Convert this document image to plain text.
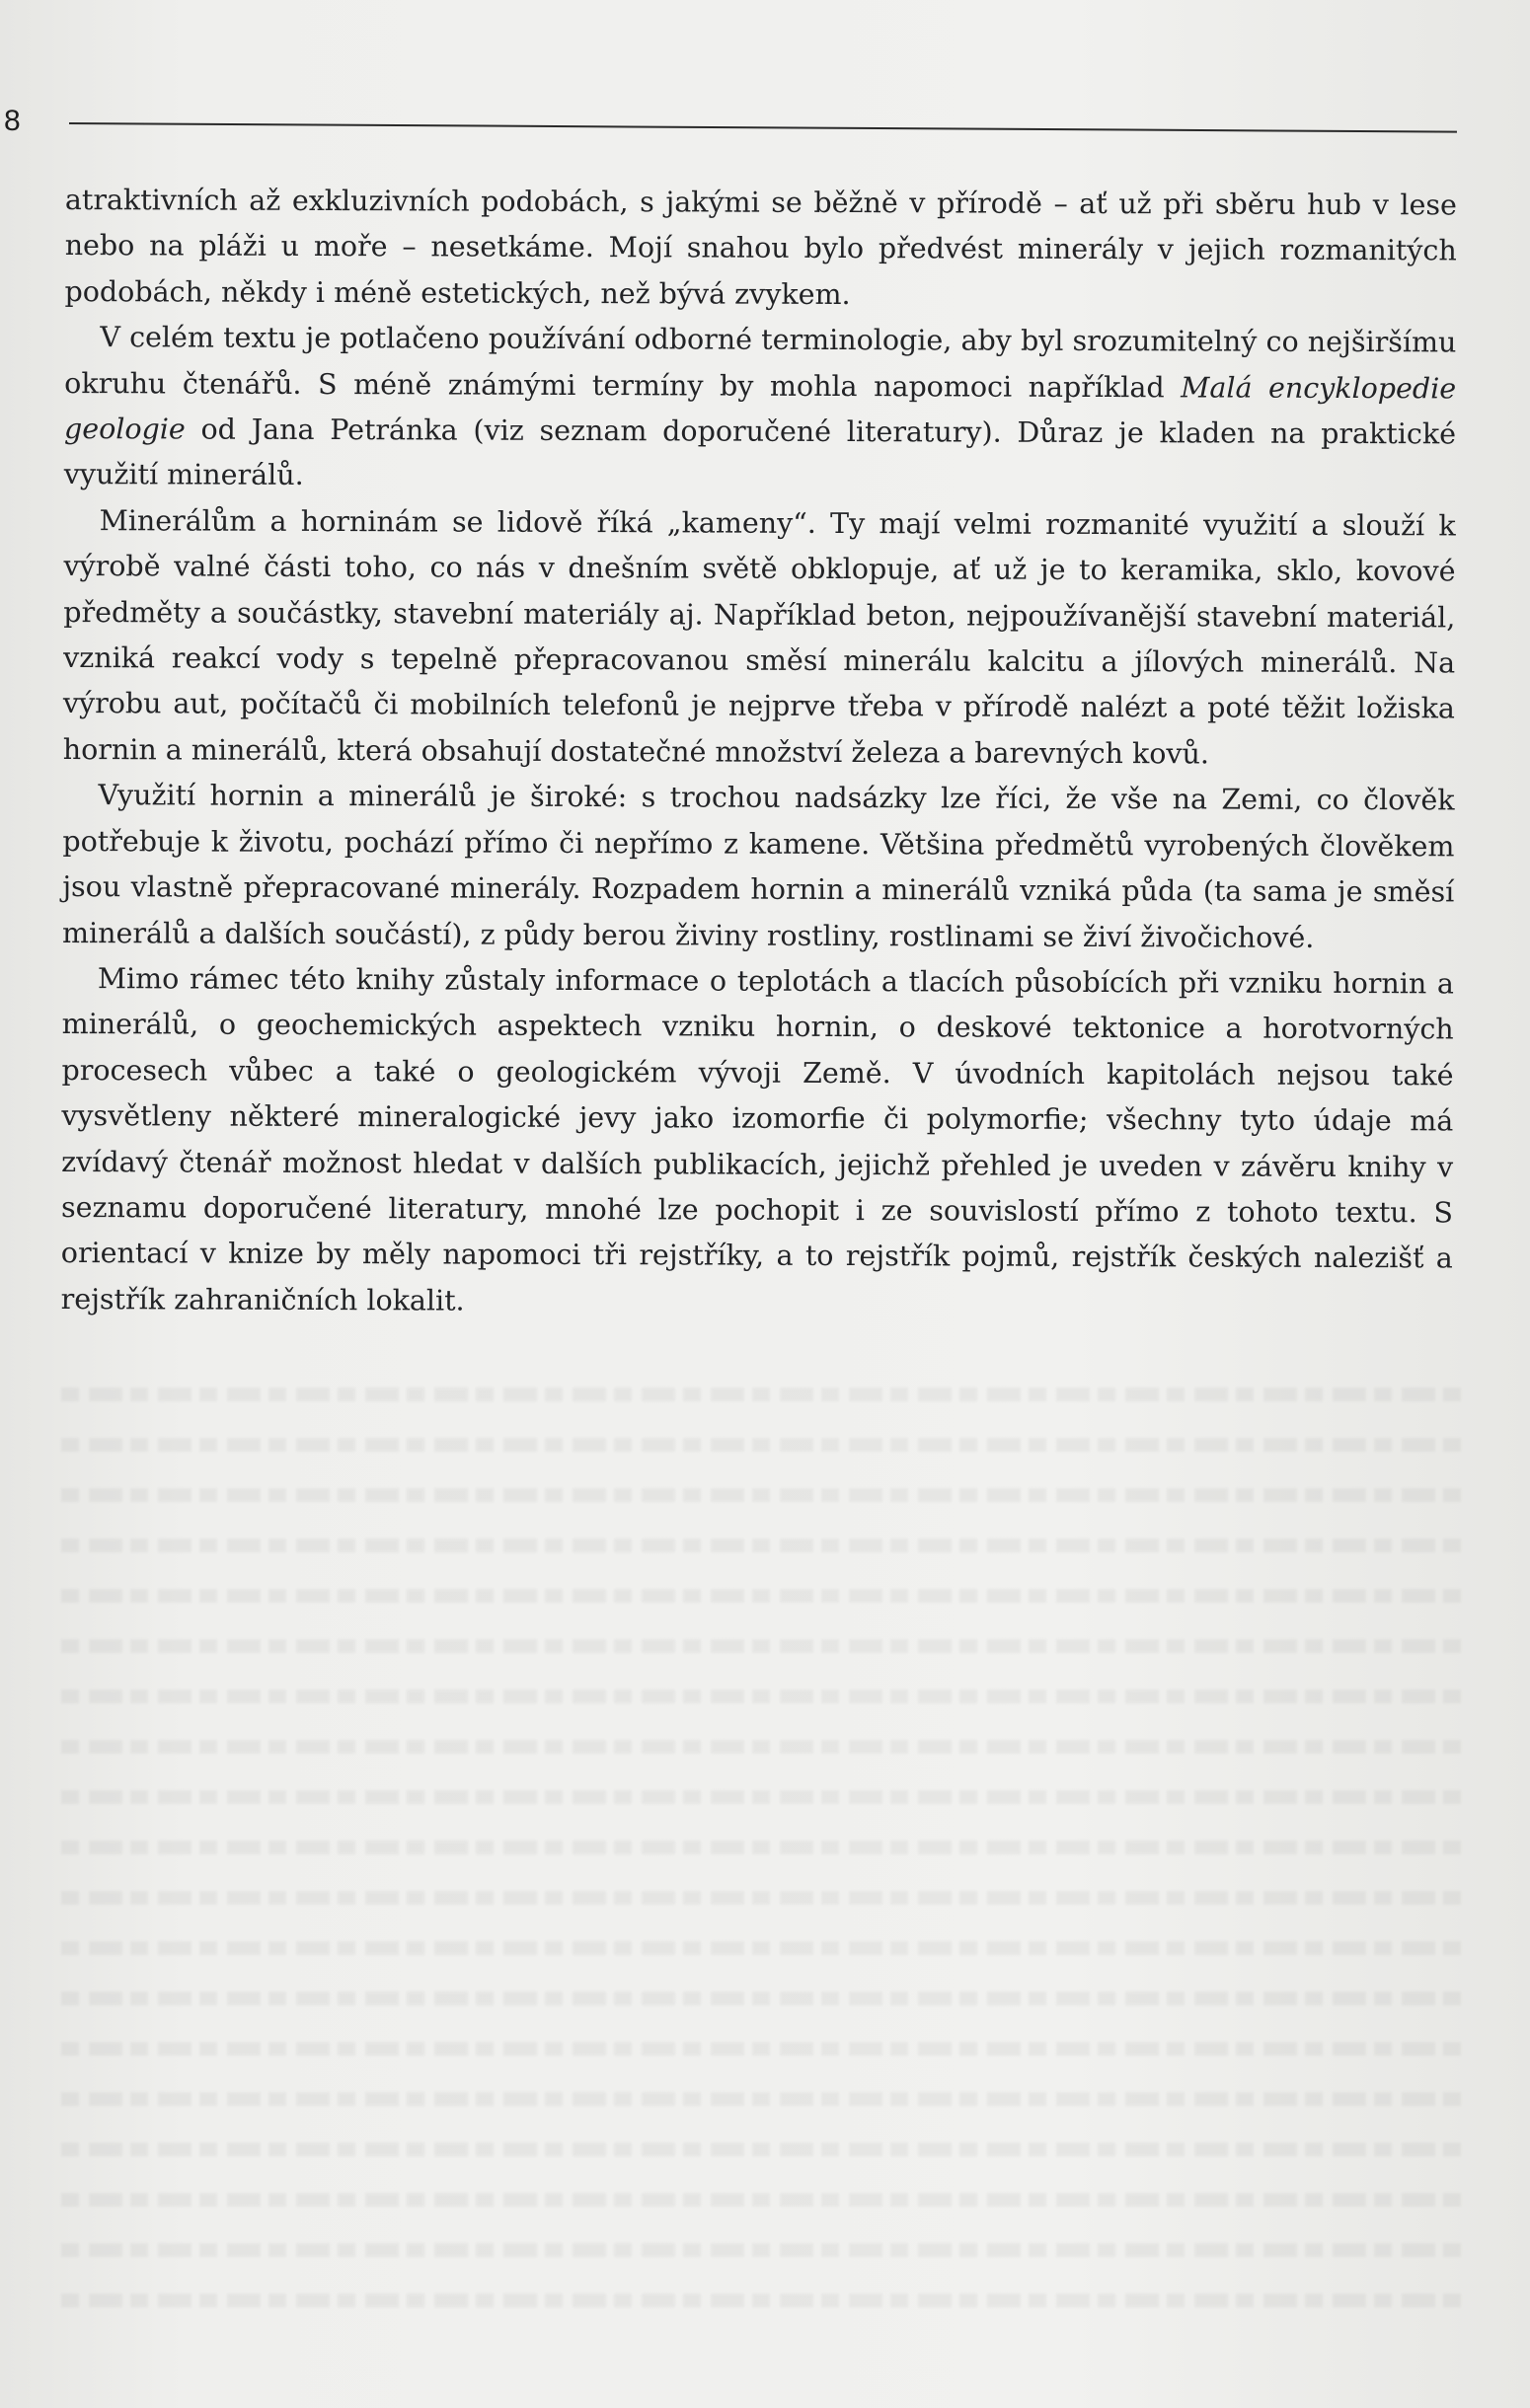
8

atraktivních až exkluzivních podobách, s jakými se běžně v přírodě – ať už při sběru hub v lese nebo na pláži u moře – nesetkáme. Mojí snahou bylo předvést minerály v jejich rozmanitých podobách, někdy i méně estetických, než bývá zvykem.

V celém textu je potlačeno používání odborné terminologie, aby byl srozumitelný co nejširšímu okruhu čtenářů. S méně známými termíny by mohla napomoci například Malá encyklopedie geologie od Jana Petránka (viz seznam doporučené literatury). Důraz je kladen na praktické využití minerálů.

Minerálům a horninám se lidově říká „kameny“. Ty mají velmi rozmanité využití a slouží k výrobě valné části toho, co nás v dnešním světě obklopuje, ať už je to keramika, sklo, kovové předměty a součástky, stavební materiály aj. Například beton, nejpoužívanější stavební materiál, vzniká reakcí vody s tepelně přepracovanou směsí minerálu kalcitu a jílových minerálů. Na výrobu aut, počítačů či mobilních telefonů je nejprve třeba v přírodě nalézt a poté těžit ložiska hornin a minerálů, která obsahují dostatečné množství železa a barevných kovů.

Využití hornin a minerálů je široké: s trochou nadsázky lze říci, že vše na Zemi, co člověk potřebuje k životu, pochází přímo či nepřímo z kamene. Většina předmětů vyrobených člověkem jsou vlastně přepracované minerály. Rozpadem hornin a minerálů vzniká půda (ta sama je směsí minerálů a dalších součástí), z půdy berou živiny rostliny, rostlinami se živí živočichové.

Mimo rámec této knihy zůstaly informace o teplotách a tlacích působících při vzniku hornin a minerálů, o geochemických aspektech vzniku hornin, o deskové tektonice a horotvorných procesech vůbec a také o geologickém vývoji Země. V úvodních kapitolách nejsou také vysvětleny některé mineralogické jevy jako izomorfie či polymorfie; všechny tyto údaje má zvídavý čtenář možnost hledat v dalších publikacích, jejichž přehled je uveden v závěru knihy v seznamu doporučené literatury, mnohé lze pochopit i ze souvislostí přímo z tohoto textu. S orientací v knize by měly napomoci tři rejstříky, a to rejstřík pojmů, rejstřík českých nalezišť a rejstřík zahraničních lokalit.
